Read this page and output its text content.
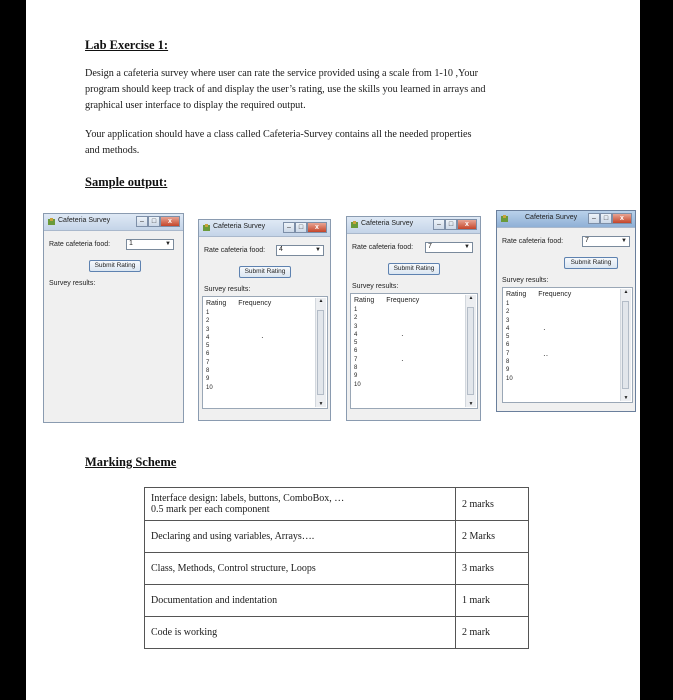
Lab Exercise 1:
Design a cafeteria survey where user can rate the service provided using a scale from 1-10 ,Your
program should keep track of and display the user’s rating, use the skills you learned in arrays and
graphical user interface to display the required output.
Your application should have a class called Cafeteria-Survey contains all the needed properties
and methods.
Sample output:
Cafeteria Survey	–	□	x
Rate cafeteria food:	1	▼
Submit Rating
Survey results:
Cafeteria Survey	–	□	x
Rate cafeteria food: 4	▼
Submit Rating
Survey results:
Rating Frequency
1
2
3
4
5
6
7
8
9
10
·
▲
▼
Cafeteria Survey	–	□	x
Rate cafeteria food: 7	▼
Submit Rating
Survey results:
Rating Frequency
1
2
3
4
5
6
7
8
9
10
·
·
▲
▼
Cafeteria Survey	–	□	x
Rate cafeteria food:	7	▼
Submit Rating
Survey results:
Rating Frequency
1
2
3
4
5
6
7
8
9
10
·
··
▲
▼
Marking Scheme
Interface design: labels, buttons, ComboBox, …
0.5 mark per each component	2 marks
Declaring and using variables, Arrays….	2 Marks
Class, Methods, Control structure, Loops	3 marks
Documentation and indentation	1 mark
Code is working	2 mark
